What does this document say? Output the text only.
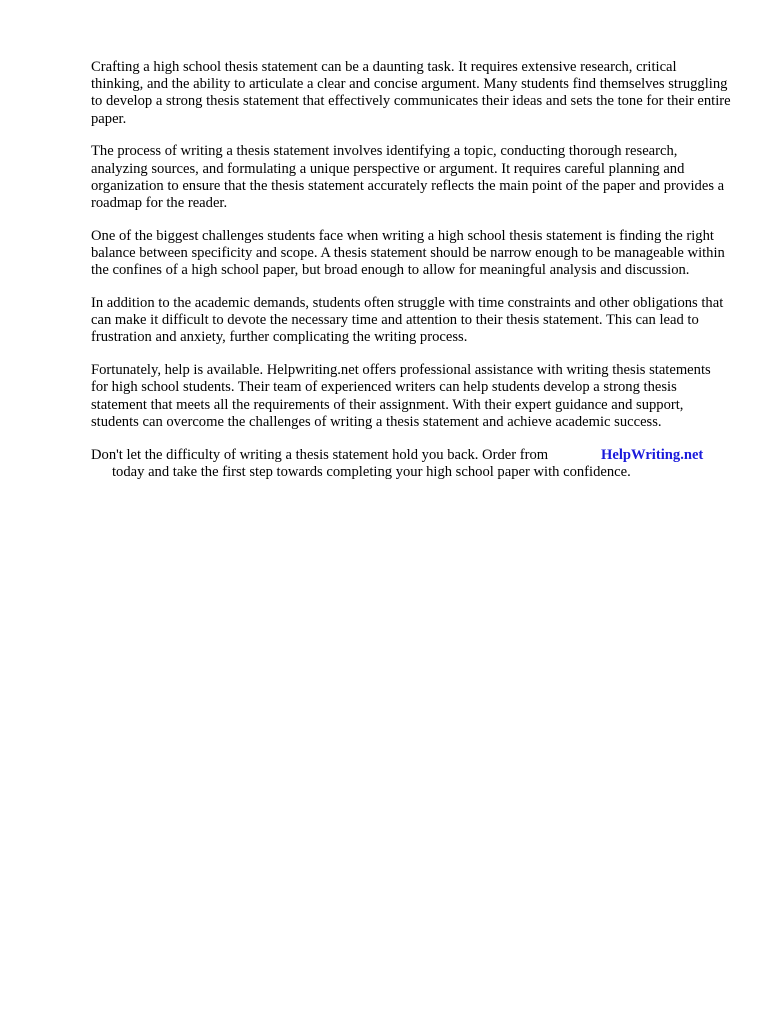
Crafting a high school thesis statement can be a daunting task. It requires extensive research, critical thinking, and the ability to articulate a clear and concise argument. Many students find themselves struggling to develop a strong thesis statement that effectively communicates their ideas and sets the tone for their entire paper.

The process of writing a thesis statement involves identifying a topic, conducting thorough research, analyzing sources, and formulating a unique perspective or argument. It requires careful planning and organization to ensure that the thesis statement accurately reflects the main point of the paper and provides a roadmap for the reader.

One of the biggest challenges students face when writing a high school thesis statement is finding the right balance between specificity and scope. A thesis statement should be narrow enough to be manageable within the confines of a high school paper, but broad enough to allow for meaningful analysis and discussion.

In addition to the academic demands, students often struggle with time constraints and other obligations that can make it difficult to devote the necessary time and attention to their thesis statement. This can lead to frustration and anxiety, further complicating the writing process.

Fortunately, help is available. Helpwriting.net offers professional assistance with writing thesis statements for high school students. Their team of experienced writers can help students develop a strong thesis statement that meets all the requirements of their assignment. With their expert guidance and support, students can overcome the challenges of writing a thesis statement and achieve academic success.

Don't let the difficulty of writing a thesis statement hold you back. Order from	HelpWriting.net
today and take the first step towards completing your high school paper with confidence.
